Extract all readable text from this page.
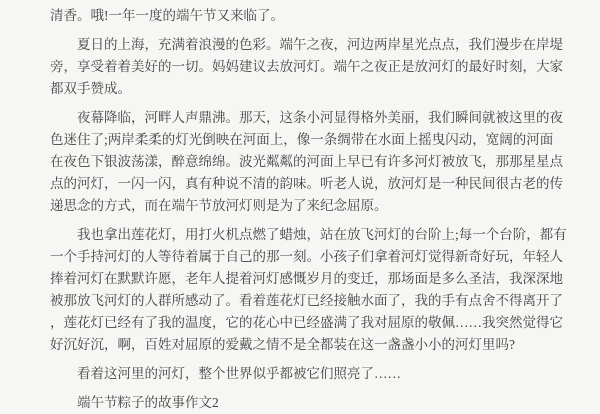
清香。哦!一年一度的端午节又来临了。
夏日的上海，充满着浪漫的色彩。端午之夜，河边两岸星光点点，我们漫步在岸堤
旁，享受着着美好的一切。妈妈建议去放河灯。端午之夜正是放河灯的最好时刻，大家
都双手赞成。
夜幕降临，河畔人声鼎沸。那天，这条小河显得格外美丽，我们瞬间就被这里的夜
色迷住了;两岸柔柔的灯光倒映在河面上，像一条绸带在水面上摇曳闪动，宽阔的河面
在夜色下银波荡漾，醉意绵绵。波光粼粼的河面上早已有许多河灯被放飞，那那星星点
点的河灯，一闪一闪，真有种说不清的韵味。听老人说，放河灯是一种民间很古老的传
递思念的方式，而在端午节放河灯则是为了来纪念屈原。
我也拿出莲花灯，用打火机点燃了蜡烛，站在放飞河灯的台阶上;每一个台阶，都有
一个手持河灯的人等待着属于自己的那一刻。小孩子们拿着河灯觉得新奇好玩，年轻人
捧着河灯在默默许愿，老年人提着河灯感慨岁月的变迁，那场面是多么圣洁，我深深地
被那放飞河灯的人群所感动了。看着莲花灯已经接触水面了，我的手有点舍不得离开了
，莲花灯已经有了我的温度，它的花心中已经盛满了我对屈原的敬佩……我突然觉得它
好沉好沉，啊，百姓对屈原的爱戴之情不是全都装在这一盏盏小小的河灯里吗?
看着这河里的河灯，整个世界似乎都被它们照亮了……
端午节粽子的故事作文2
